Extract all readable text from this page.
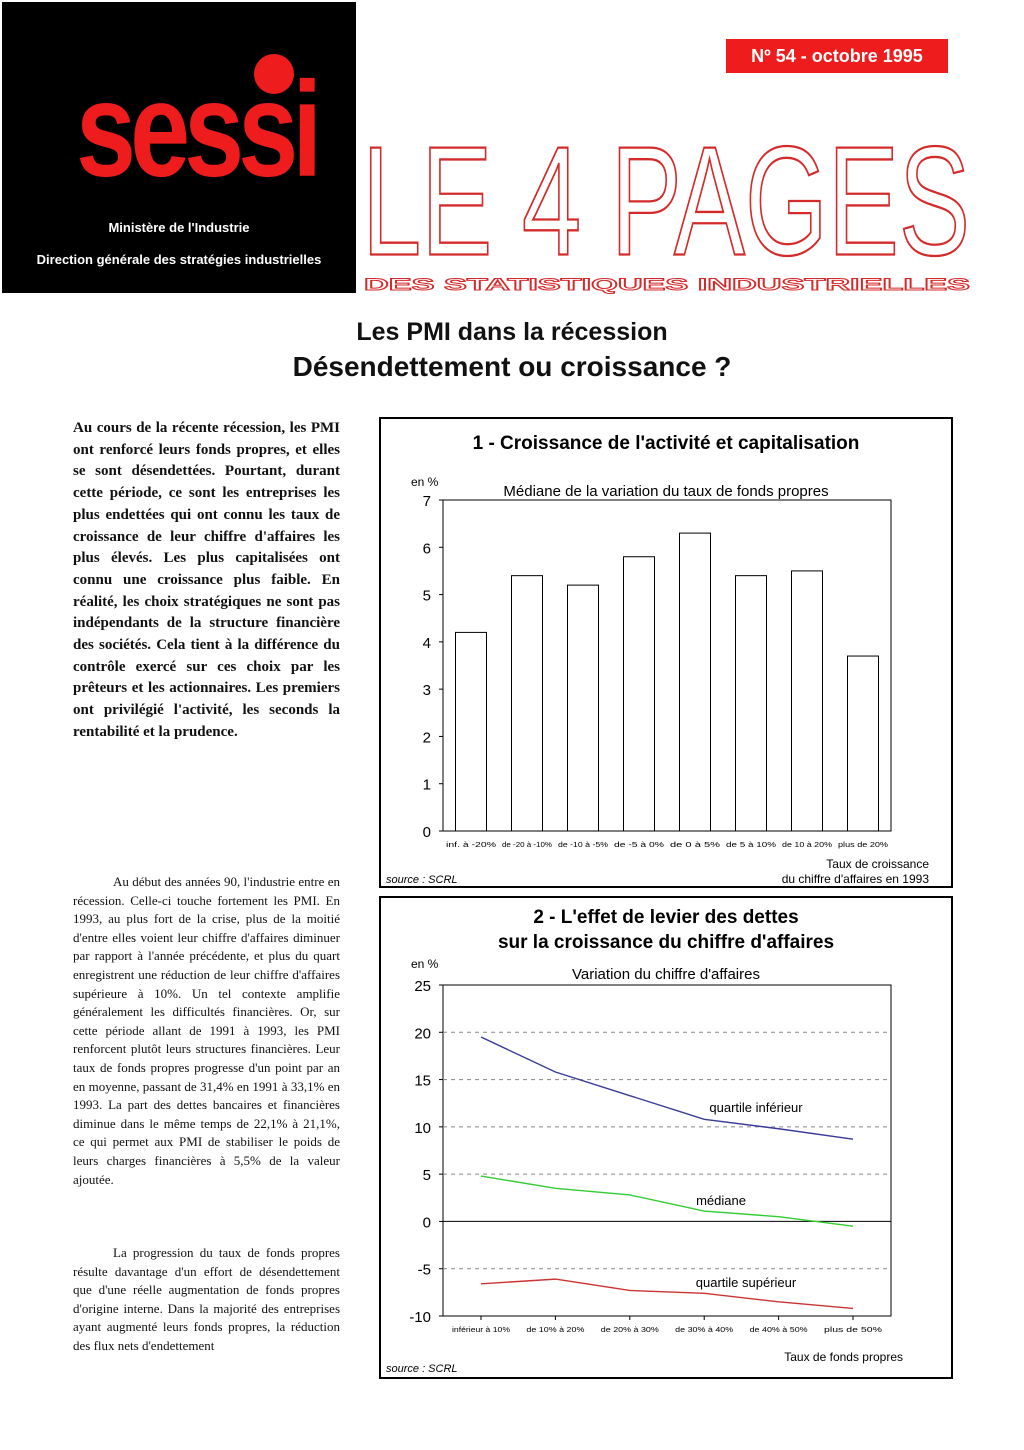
sessi
Ministère de l'Industrie
Direction générale des stratégies industrielles
Nº 54 - octobre 1995
LE 4 PAGES
DES STATISTIQUES INDUSTRIELLES
Les PMI dans la récession
Désendettement ou croissance ?

Au cours de la récente récession, les PMI ont renforcé leurs fonds propres, et elles se sont désendettées. Pourtant, durant cette période, ce sont les entreprises les plus endettées qui ont connu les taux de croissance de leur chiffre d'affaires les plus élevés. Les plus capitalisées ont connu une croissance plus faible. En réalité, les choix stratégiques ne sont pas indépendants de la structure financière des sociétés. Cela tient à la différence du contrôle exercé sur ces choix par les prêteurs et les actionnaires. Les premiers ont privilégié l'activité, les seconds la rentabilité et la prudence.

Au début des années 90, l'industrie entre en récession. Celle-ci touche fortement les PMI. En 1993, au plus fort de la crise, plus de la moitié d'entre elles voient leur chiffre d'affaires diminuer par rapport à l'année précédente, et plus du quart enregistrent une réduction de leur chiffre d'affaires supérieure à 10%. Un tel contexte amplifie généralement les difficultés financières. Or, sur cette période allant de 1991 à 1993, les PMI renforcent plutôt leurs structures financières. Leur taux de fonds propres progresse d'un point par an en moyenne, passant de 31,4% en 1991 à 33,1% en 1993. La part des dettes bancaires et financières diminue dans le même temps de 22,1% à 21,1%, ce qui permet aux PMI de stabiliser le poids de leurs charges financières à 5,5% de la valeur ajoutée.

La progression du taux de fonds propres résulte davantage d'un effort de désendettement que d'une réelle augmentation de fonds propres d'origine interne. Dans la majorité des entreprises ayant augmenté leurs fonds propres, la réduction des flux nets d'endettement

1 - Croissance de l'activité et capitalisation
Médiane de la variation du taux de fonds propres
en %
source : SCRL
Taux de croissance
du chiffre d'affaires en 1993
0
1
2
3
4
5
6
7
inf. à -20% de -20 à -10% de -10 à -5% de -5 à 0% de 0 à 5% de 5 à 10% de 10 à 20% plus de 20%
2 - L'effet de levier des dettes
sur la croissance du chiffre d'affaires
Variation du chiffre d'affaires
en %
source : SCRL
Taux de fonds propres
-10
-5
0
5
10
15
20
25
inférieur à 10% de 10% à 20% de 20% à 30% de 30% à 40% de 40% à 50% plus de 50%
quartile inférieur
médiane
quartile supérieur
